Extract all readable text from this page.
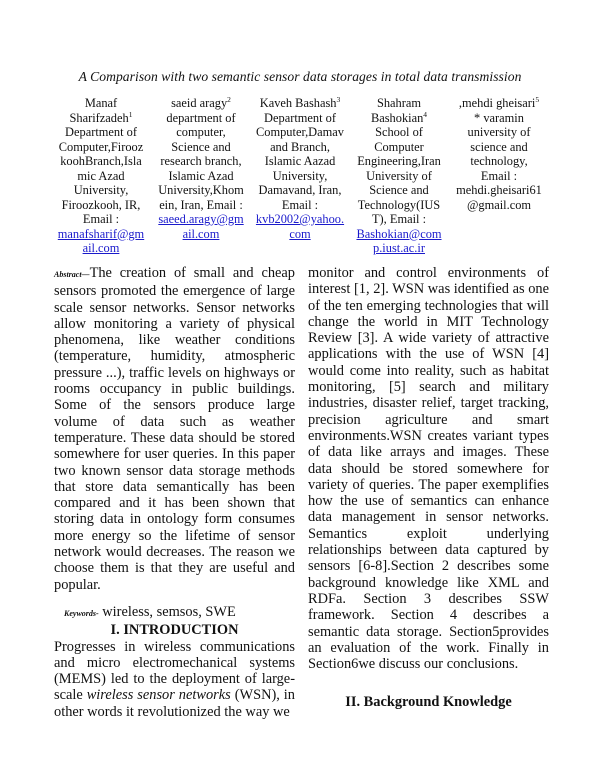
A Comparison with two semantic sensor data storages in total data transmission
Manaf
Sharifzadeh$^1$
Department of
Computer,Firooz
koohBranch,Isla
mic Azad
University,
Firoozkooh, IR,
Email :
manafsharif@gm
ail.com
saeid aragy$^2$
department of
computer,
Science and
research branch,
Islamic Azad
University,Khom
ein, Iran, Email :
saeed.aragy@gm
ail.com
Kaveh Bashash$^3$
Department of
Computer,Damav
and Branch,
Islamic Aazad
University,
Damavand, Iran,
Email :
kvb2002@yahoo.
com
Shahram
Bashokian$^4$
School of
Computer
Engineering,Iran
University of
Science and
Technology(IUS
T), Email :
Bashokian@com
p.iust.ac.ir
,mehdi gheisari$^5$
* varamin
university of
science and
technology,
Email :
mehdi.gheisari61
@gmail.com

Abstract—The creation of small and cheap sensors promoted the emergence of large scale sensor networks. Sensor networks allow monitoring a variety of physical phenomena, like weather conditions (temperature, humidity, atmospheric pressure ...), traffic levels on highways or rooms occupancy in public buildings. Some of the sensors produce large volume of data such as weather temperature. These data should be stored somewhere for user queries. In this paper two known sensor data storage methods that store data semantically has been compared and it has been shown that storing data in ontology form consumes more energy so the lifetime of sensor network would decreases. The reason we choose them is that they are useful and popular.

Keywords- wireless, semsos, SWE

I. INTRODUCTION

Progresses in wireless communications and micro electromechanical systems (MEMS) led to the deployment of large-scale wireless sensor networks (WSN), in other words it revolutionized the way we

monitor and control environments of interest [1, 2]. WSN was identified as one of the ten emerging technologies that will change the world in MIT Technology Review [3]. A wide variety of attractive applications with the use of WSN [4] would come into reality, such as habitat monitoring, [5] search and military industries, disaster relief, target tracking, precision agriculture and smart environments.WSN creates variant types of data like arrays and images. These data should be stored somewhere for variety of queries. The paper exemplifies how the use of semantics can enhance data management in sensor networks. Semantics exploit underlying relationships between data captured by sensors [6-8].Section 2 describes some background knowledge like XML and RDFa. Section 3 describes SSW framework. Section 4 describes a semantic data storage. Section5provides an evaluation of the work. Finally in Section6we discuss our conclusions.

II. Background Knowledge
